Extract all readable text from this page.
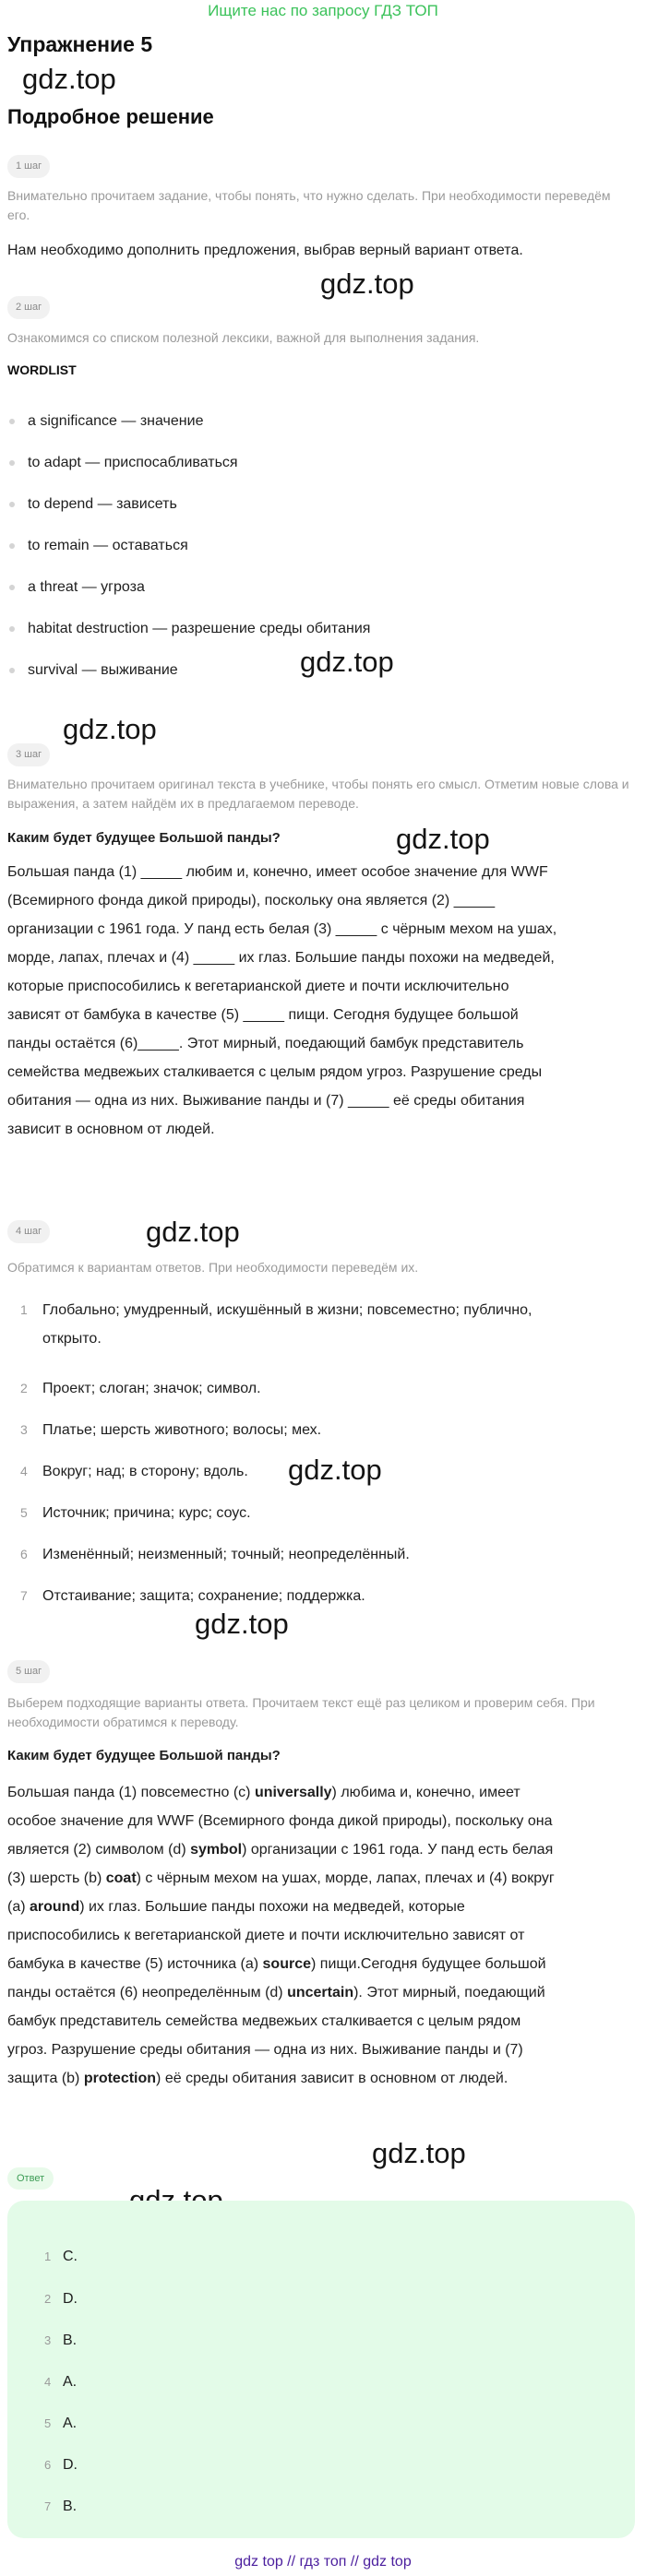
Ищите нас по запросу ГДЗ ТОП
Упражнение 5
Подробное решение
gdz.top
gdz.top
gdz.top
gdz.top
gdz.top
gdz.top
gdz.top
gdz.top
gdz.top
1 шаг
Внимательно прочитаем задание, чтобы понять, что нужно сделать. При необходимости переведём его.
Нам необходимо дополнить предложения, выбрав верный вариант ответа.
2 шаг
Ознакомимся со списком полезной лексики, важной для выполнения задания.
WORDLIST
a significance — значение
to adapt — приспосабливаться
to depend — зависеть
to remain — оставаться
a threat — угроза
habitat destruction — разрешение среды обитания
survival — выживание
3 шаг
Внимательно прочитаем оригинал текста в учебнике, чтобы понять его смысл. Отметим новые слова и выражения, а затем найдём их в предлагаемом переводе.
Каким будет будущее Большой панды?
Большая панда (1) _____ любим и, конечно, имеет особое значение для WWF
(Всемирного фонда дикой природы), поскольку она является (2) _____
организации с 1961 года. У панд есть белая (3) _____ с чёрным мехом на ушах,
морде, лапах, плечах и (4) _____ их глаз. Большие панды похожи на медведей,
которые приспособились к вегетарианской диете и почти исключительно
зависят от бамбука в качестве (5) _____ пищи. Сегодня будущее большой
панды остаётся (6)_____. Этот мирный, поедающий бамбук представитель
семейства медвежьих сталкивается с целым рядом угроз. Разрушение среды
обитания — одна из них. Выживание панды и (7) _____ её среды обитания
зависит в основном от людей.
4 шаг
Обратимся к вариантам ответов. При необходимости переведём их.
1	Глобально; умудренный, искушённый в жизни; повсеместно; публично,
открыто.
2	Проект; слоган; значок; символ.
3	Платье; шерсть животного; волосы; мех.
4	Вокруг; над; в сторону; вдоль.
5	Источник; причина; курс; соус.
6	Изменённый; неизменный; точный; неопределённый.
7	Отстаивание; защита; сохранение; поддержка.
5 шаг
Выберем подходящие варианты ответа. Прочитаем текст ещё раз целиком и проверим себя. При необходимости обратимся к переводу.
Каким будет будущее Большой панды?
Большая панда (1) повсеместно (c) universally) любима и, конечно, имеет
особое значение для WWF (Всемирного фонда дикой природы), поскольку она
является (2) символом (d) symbol) организации с 1961 года. У панд есть белая
(3) шерсть (b) coat) с чёрным мехом на ушах, морде, лапах, плечах и (4) вокруг
(a) around) их глаз. Большие панды похожи на медведей, которые
приспособились к вегетарианской диете и почти исключительно зависят от
бамбука в качестве (5) источника (a) source) пищи.Сегодня будущее большой
панды остаётся (6) неопределённым (d) uncertain). Этот мирный, поедающий
бамбук представитель семейства медвежьих сталкивается с целым рядом
угроз. Разрушение среды обитания — одна из них. Выживание панды и (7)
защита (b) protection) её среды обитания зависит в основном от людей.
Ответ
1 C.
2 D.
3 B.
4 A.
5 A.
6 D.
7 B.
gdz top // гдз топ // gdz top
